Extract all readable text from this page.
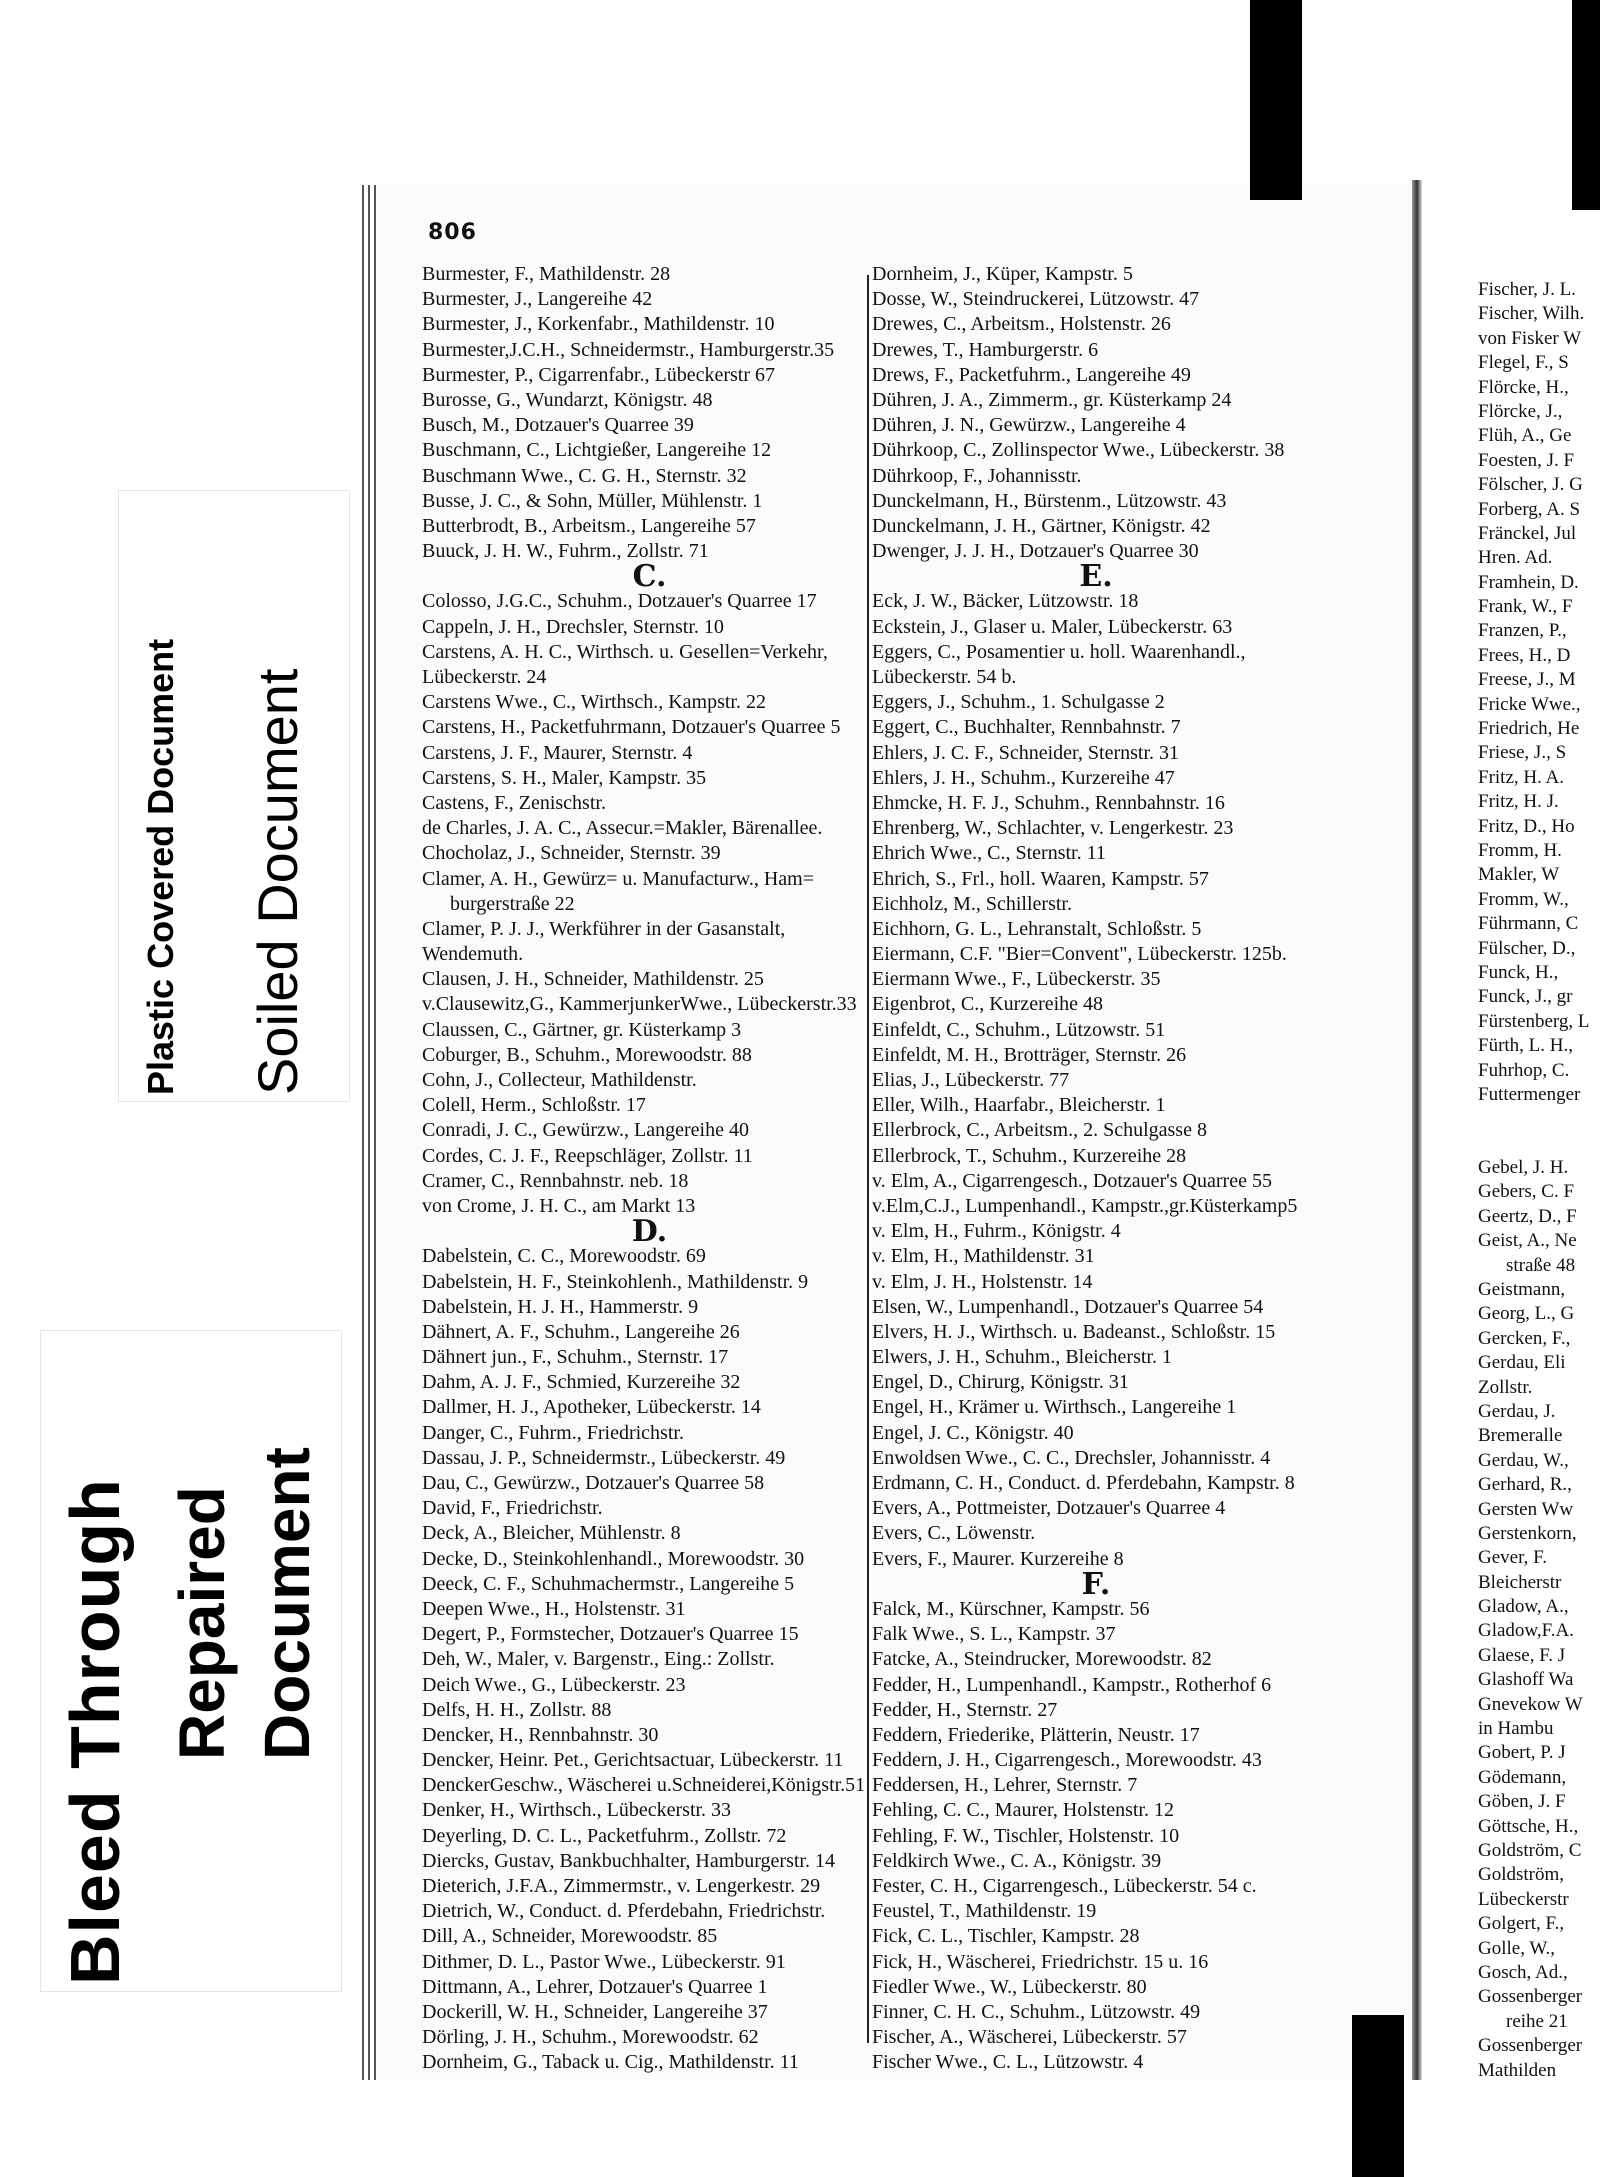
806
Burmester, F., Mathildenstr. 28
Burmester, J., Langereihe 42
Burmester, J., Korkenfabr., Mathildenstr. 10
Burmester,J.C.H., Schneidermstr., Hamburgerstr.35
Burmester, P., Cigarrenfabr., Lübeckerstr 67
Burosse, G., Wundarzt, Königstr. 48
Busch, M., Dotzauer's Quarree 39
Buschmann, C., Lichtgießer, Langereihe 12
Buschmann Wwe., C. G. H., Sternstr. 32
Busse, J. C., & Sohn, Müller, Mühlenstr. 1
Butterbrodt, B., Arbeitsm., Langereihe 57
Buuck, J. H. W., Fuhrm., Zollstr. 71
C.
Colosso, J.G.C., Schuhm., Dotzauer's Quarree 17
Cappeln, J. H., Drechsler, Sternstr. 10
Carstens, A. H. C., Wirthsch. u. Gesellen=Verkehr,
Lübeckerstr. 24
Carstens Wwe., C., Wirthsch., Kampstr. 22
Carstens, H., Packetfuhrmann, Dotzauer's Quarree 5
Carstens, J. F., Maurer, Sternstr. 4
Carstens, S. H., Maler, Kampstr. 35
Castens, F., Zenischstr.
de Charles, J. A. C., Assecur.=Makler, Bärenallee.
Chocholaz, J., Schneider, Sternstr. 39
Clamer, A. H., Gewürz= u. Manufacturw., Ham=
burgerstraße 22
Clamer, P. J. J., Werkführer in der Gasanstalt,
Wendemuth.
Clausen, J. H., Schneider, Mathildenstr. 25
v.Clausewitz,G., KammerjunkerWwe., Lübeckerstr.33
Claussen, C., Gärtner, gr. Küsterkamp 3
Coburger, B., Schuhm., Morewoodstr. 88
Cohn, J., Collecteur, Mathildenstr.
Colell, Herm., Schloßstr. 17
Conradi, J. C., Gewürzw., Langereihe 40
Cordes, C. J. F., Reepschläger, Zollstr. 11
Cramer, C., Rennbahnstr. neb. 18
von Crome, J. H. C., am Markt 13
D.
Dabelstein, C. C., Morewoodstr. 69
Dabelstein, H. F., Steinkohlenh., Mathildenstr. 9
Dabelstein, H. J. H., Hammerstr. 9
Dähnert, A. F., Schuhm., Langereihe 26
Dähnert jun., F., Schuhm., Sternstr. 17
Dahm, A. J. F., Schmied, Kurzereihe 32
Dallmer, H. J., Apotheker, Lübeckerstr. 14
Danger, C., Fuhrm., Friedrichstr.
Dassau, J. P., Schneidermstr., Lübeckerstr. 49
Dau, C., Gewürzw., Dotzauer's Quarree 58
David, F., Friedrichstr.
Deck, A., Bleicher, Mühlenstr. 8
Decke, D., Steinkohlenhandl., Morewoodstr. 30
Deeck, C. F., Schuhmachermstr., Langereihe 5
Deepen Wwe., H., Holstenstr. 31
Degert, P., Formstecher, Dotzauer's Quarree 15
Deh, W., Maler, v. Bargenstr., Eing.: Zollstr.
Deich Wwe., G., Lübeckerstr. 23
Delfs, H. H., Zollstr. 88
Dencker, H., Rennbahnstr. 30
Dencker, Heinr. Pet., Gerichtsactuar, Lübeckerstr. 11
DenckerGeschw., Wäscherei u.Schneiderei,Königstr.51
Denker, H., Wirthsch., Lübeckerstr. 33
Deyerling, D. C. L., Packetfuhrm., Zollstr. 72
Diercks, Gustav, Bankbuchhalter, Hamburgerstr. 14
Dieterich, J.F.A., Zimmermstr., v. Lengerkestr. 29
Dietrich, W., Conduct. d. Pferdebahn, Friedrichstr.
Dill, A., Schneider, Morewoodstr. 85
Dithmer, D. L., Pastor Wwe., Lübeckerstr. 91
Dittmann, A., Lehrer, Dotzauer's Quarree 1
Dockerill, W. H., Schneider, Langereihe 37
Dörling, J. H., Schuhm., Morewoodstr. 62
Dornheim, G., Taback u. Cig., Mathildenstr. 11
Dornheim, J., Küper, Kampstr. 5
Dosse, W., Steindruckerei, Lützowstr. 47
Drewes, C., Arbeitsm., Holstenstr. 26
Drewes, T., Hamburgerstr. 6
Drews, F., Packetfuhrm., Langereihe 49
Dühren, J. A., Zimmerm., gr. Küsterkamp 24
Dühren, J. N., Gewürzw., Langereihe 4
Dührkoop, C., Zollinspector Wwe., Lübeckerstr. 38
Dührkoop, F., Johannisstr.
Dunckelmann, H., Bürstenm., Lützowstr. 43
Dunckelmann, J. H., Gärtner, Königstr. 42
Dwenger, J. J. H., Dotzauer's Quarree 30
E.
Eck, J. W., Bäcker, Lützowstr. 18
Eckstein, J., Glaser u. Maler, Lübeckerstr. 63
Eggers, C., Posamentier u. holl. Waarenhandl.,
Lübeckerstr. 54 b.
Eggers, J., Schuhm., 1. Schulgasse 2
Eggert, C., Buchhalter, Rennbahnstr. 7
Ehlers, J. C. F., Schneider, Sternstr. 31
Ehlers, J. H., Schuhm., Kurzereihe 47
Ehmcke, H. F. J., Schuhm., Rennbahnstr. 16
Ehrenberg, W., Schlachter, v. Lengerkestr. 23
Ehrich Wwe., C., Sternstr. 11
Ehrich, S., Frl., holl. Waaren, Kampstr. 57
Eichholz, M., Schillerstr.
Eichhorn, G. L., Lehranstalt, Schloßstr. 5
Eiermann, C.F. "Bier=Convent", Lübeckerstr. 125b.
Eiermann Wwe., F., Lübeckerstr. 35
Eigenbrot, C., Kurzereihe 48
Einfeldt, C., Schuhm., Lützowstr. 51
Einfeldt, M. H., Brotträger, Sternstr. 26
Elias, J., Lübeckerstr. 77
Eller, Wilh., Haarfabr., Bleicherstr. 1
Ellerbrock, C., Arbeitsm., 2. Schulgasse 8
Ellerbrock, T., Schuhm., Kurzereihe 28
v. Elm, A., Cigarrengesch., Dotzauer's Quarree 55
v.Elm,C.J., Lumpenhandl., Kampstr.,gr.Küsterkamp5
v. Elm, H., Fuhrm., Königstr. 4
v. Elm, H., Mathildenstr. 31
v. Elm, J. H., Holstenstr. 14
Elsen, W., Lumpenhandl., Dotzauer's Quarree 54
Elvers, H. J., Wirthsch. u. Badeanst., Schloßstr. 15
Elwers, J. H., Schuhm., Bleicherstr. 1
Engel, D., Chirurg, Königstr. 31
Engel, H., Krämer u. Wirthsch., Langereihe 1
Engel, J. C., Königstr. 40
Enwoldsen Wwe., C. C., Drechsler, Johannisstr. 4
Erdmann, C. H., Conduct. d. Pferdebahn, Kampstr. 8
Evers, A., Pottmeister, Dotzauer's Quarree 4
Evers, C., Löwenstr.
Evers, F., Maurer. Kurzereihe 8
F.
Falck, M., Kürschner, Kampstr. 56
Falk Wwe., S. L., Kampstr. 37
Fatcke, A., Steindrucker, Morewoodstr. 82
Fedder, H., Lumpenhandl., Kampstr., Rotherhof 6
Fedder, H., Sternstr. 27
Feddern, Friederike, Plätterin, Neustr. 17
Feddern, J. H., Cigarrengesch., Morewoodstr. 43
Feddersen, H., Lehrer, Sternstr. 7
Fehling, C. C., Maurer, Holstenstr. 12
Fehling, F. W., Tischler, Holstenstr. 10
Feldkirch Wwe., C. A., Königstr. 39
Fester, C. H., Cigarrengesch., Lübeckerstr. 54 c.
Feustel, T., Mathildenstr. 19
Fick, C. L., Tischler, Kampstr. 28
Fick, H., Wäscherei, Friedrichstr. 15 u. 16
Fiedler Wwe., W., Lübeckerstr. 80
Finner, C. H. C., Schuhm., Lützowstr. 49
Fischer, A., Wäscherei, Lübeckerstr. 57
Fischer Wwe., C. L., Lützowstr. 4
Fischer, J. L.
Fischer, Wilh.
von Fisker W
Flegel, F., S
Flörcke, H.,
Flörcke, J.,
Flüh, A., Ge
Foesten, J. F
Fölscher, J. G
Forberg, A. S
Fränckel, Jul
Hren. Ad.
Framhein, D.
Frank, W., F
Franzen, P.,
Frees, H., D
Freese, J., M
Fricke Wwe.,
Friedrich, He
Friese, J., S
Fritz, H. A.
Fritz, H. J.
Fritz, D., Ho
Fromm, H.
Makler, W
Fromm, W.,
Führmann, C
Fülscher, D.,
Funck, H.,
Funck, J., gr
Fürstenberg, L
Fürth, L. H.,
Fuhrhop, C.
Futtermenger
Gebel, J. H.
Gebers, C. F
Geertz, D., F
Geist, A., Ne
straße 48
Geistmann,
Georg, L., G
Gercken, F.,
Gerdau, Eli
Zollstr.
Gerdau, J.
Bremeralle
Gerdau, W.,
Gerhard, R.,
Gersten Ww
Gerstenkorn,
Gever, F.
Bleicherstr
Gladow, A.,
Gladow,F.A.
Glaese, F. J
Glashoff Wa
Gnevekow W
in Hambu
Gobert, P. J
Gödemann,
Göben, J. F
Göttsche, H.,
Goldström, C
Goldström,
Lübeckerstr
Golgert, F.,
Golle, W.,
Gosch, Ad.,
Gossenberger
reihe 21
Gossenberger
Mathilden
Plastic Covered Document Soiled Document
Bleed Through Repaired Document
